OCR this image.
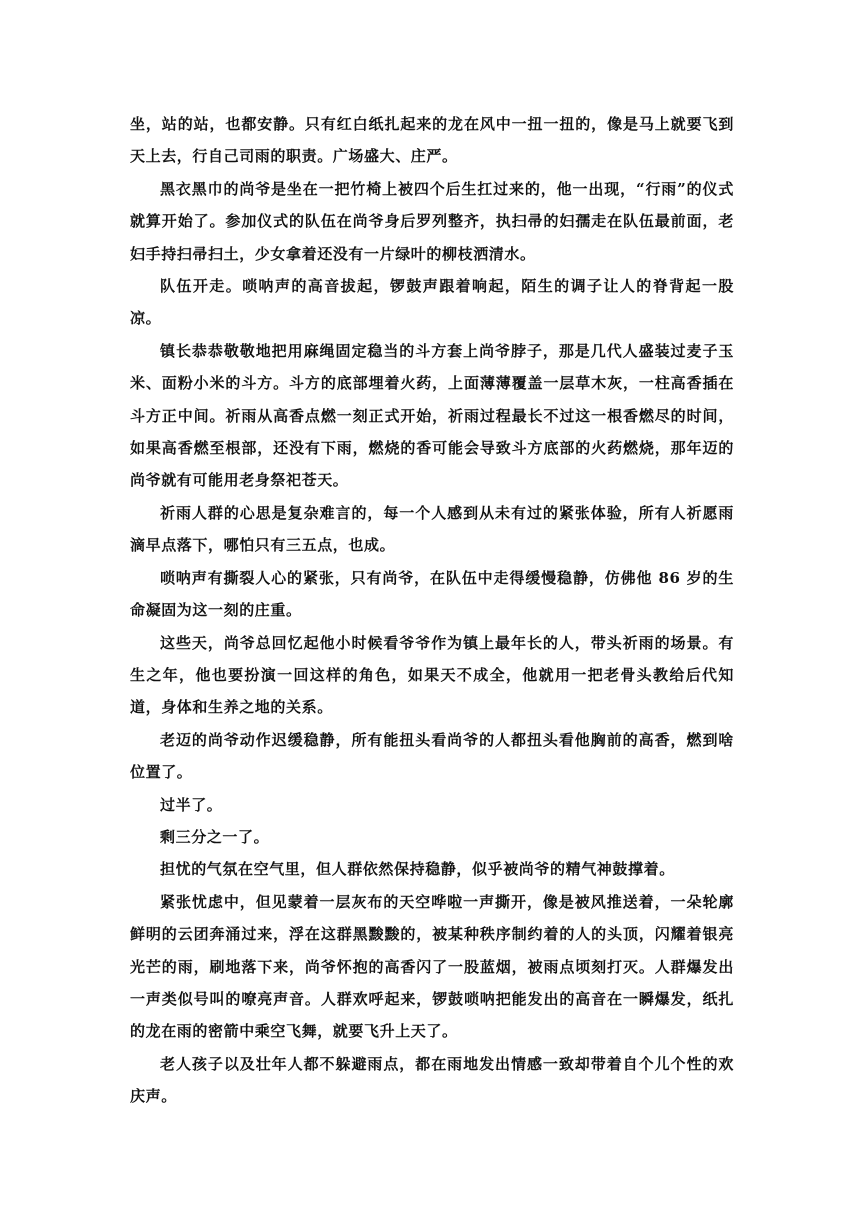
坐，站的站，也都安静。只有红白纸扎起来的龙在风中一扭一扭的，像是马上就要飞到天上去，行自己司雨的职责。广场盛大、庄严。

黑衣黑巾的尚爷是坐在一把竹椅上被四个后生扛过来的，他一出现，“行雨”的仪式就算开始了。参加仪式的队伍在尚爷身后罗列整齐，执扫帚的妇孺走在队伍最前面，老妇手持扫帚扫土，少女拿着还没有一片绿叶的柳枝洒清水。

队伍开走。唢呐声的高音拔起，锣鼓声跟着响起，陌生的调子让人的脊背起一股凉。

镇长恭恭敬敬地把用麻绳固定稳当的斗方套上尚爷脖子，那是几代人盛装过麦子玉米、面粉小米的斗方。斗方的底部埋着火药，上面薄薄覆盖一层草木灰，一柱高香插在斗方正中间。祈雨从高香点燃一刻正式开始，祈雨过程最长不过这一根香燃尽的时间，如果高香燃至根部，还没有下雨，燃烧的香可能会导致斗方底部的火药燃烧，那年迈的尚爷就有可能用老身祭祀苍天。

祈雨人群的心思是复杂难言的，每一个人感到从未有过的紧张体验，所有人祈愿雨滴早点落下，哪怕只有三五点，也成。

唢呐声有撕裂人心的紧张，只有尚爷，在队伍中走得缓慢稳静，仿佛他 86 岁的生命凝固为这一刻的庄重。

这些天，尚爷总回忆起他小时候看爷爷作为镇上最年长的人，带头祈雨的场景。有生之年，他也要扮演一回这样的角色，如果天不成全，他就用一把老骨头教给后代知道，身体和生养之地的关系。

老迈的尚爷动作迟缓稳静，所有能扭头看尚爷的人都扭头看他胸前的高香，燃到啥位置了。

过半了。

剩三分之一了。

担忧的气氛在空气里，但人群依然保持稳静，似乎被尚爷的精气神鼓撑着。

紧张忧虑中，但见蒙着一层灰布的天空哗啦一声撕开，像是被风推送着，一朵轮廓鲜明的云团奔涌过来，浮在这群黑黢黢的，被某种秩序制约着的人的头顶，闪耀着银亮光芒的雨，刷地落下来，尚爷怀抱的高香闪了一股蓝烟，被雨点顷刻打灭。人群爆发出一声类似号叫的嘹亮声音。人群欢呼起来，锣鼓唢呐把能发出的高音在一瞬爆发，纸扎的龙在雨的密箭中乘空飞舞，就要飞升上天了。

老人孩子以及壮年人都不躲避雨点，都在雨地发出情感一致却带着自个儿个性的欢庆声。
